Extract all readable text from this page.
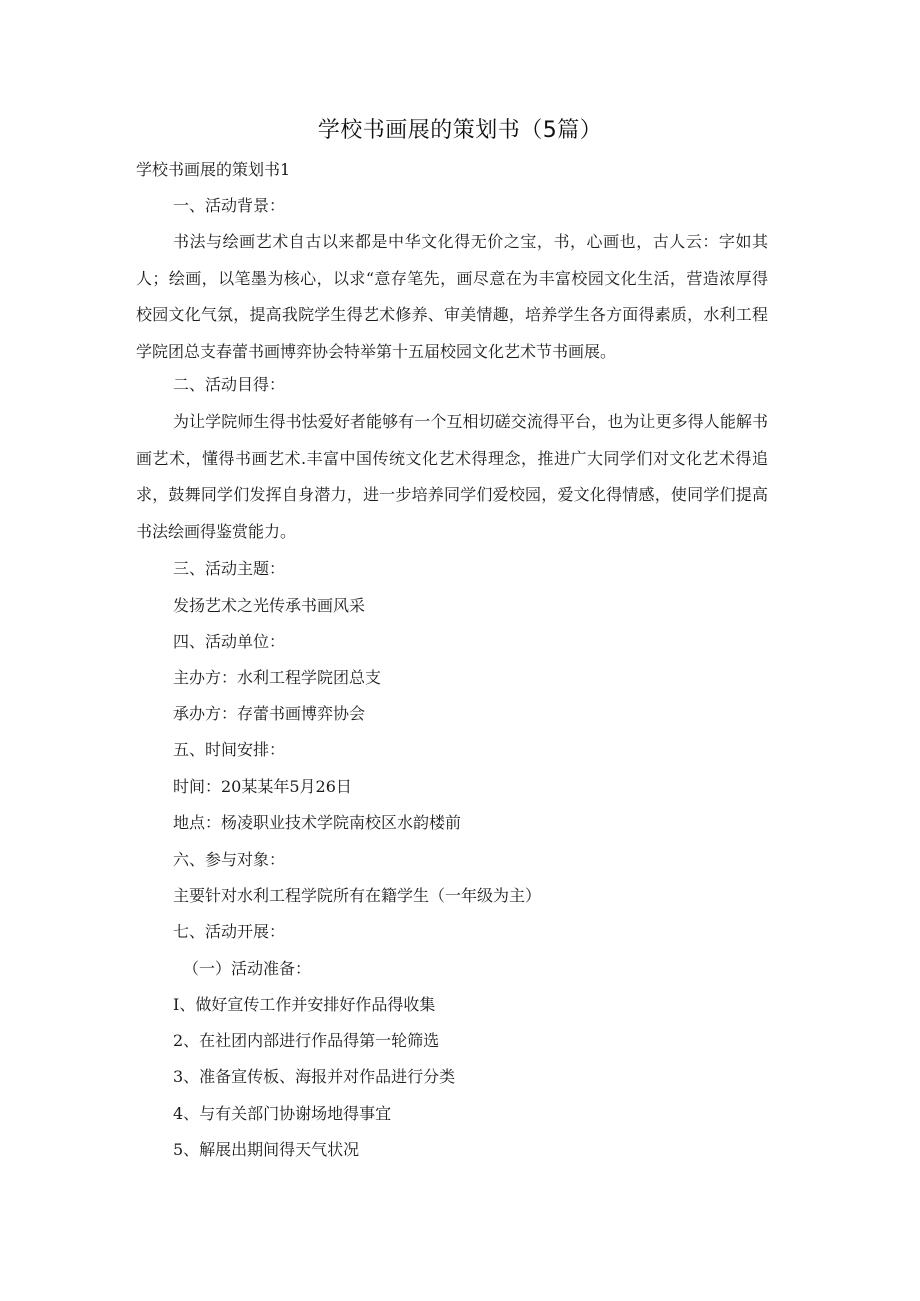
学校书画展的策划书（5篇）
学校书画展的策划书1
一、活动背景：
书法与绘画艺术自古以来都是中华文化得无价之宝，书，心画也，古人云：字如其人；绘画，以笔墨为核心，以求“意存笔先，画尽意在为丰富校园文化生活，营造浓厚得校园文化气氛，提高我院学生得艺术修养、审美情趣，培养学生各方面得素质，水利工程学院团总支春蕾书画博弈协会特举第十五届校园文化艺术节书画展。
二、活动目得：
为让学院师生得书怯爱好者能够有一个互相切磋交流得平台，也为让更多得人能解书画艺术，懂得书画艺术.丰富中国传统文化艺术得理念，推进广大同学们对文化艺术得追求，鼓舞同学们发挥自身潜力，进一步培养同学们爱校园，爱文化得情感，使同学们提高书法绘画得鉴赏能力。
三、活动主题：
发扬艺术之光传承书画风采
四、活动单位：
主办方：水利工程学院团总支
承办方：存蕾书画博弈协会
五、时间安排：
时间：20某某年5月26日
地点：杨凌职业技术学院南校区水韵楼前
六、参与对象：
主要针对水利工程学院所有在籍学生（一年级为主）
七、活动开展：
（一）活动准备：
I、做好宣传工作并安排好作品得收集
2、在社团内部进行作品得第一轮筛选
3、准备宣传板、海报并对作品进行分类
4、与有关部门协谢场地得事宜
5、解展出期间得天气状况
